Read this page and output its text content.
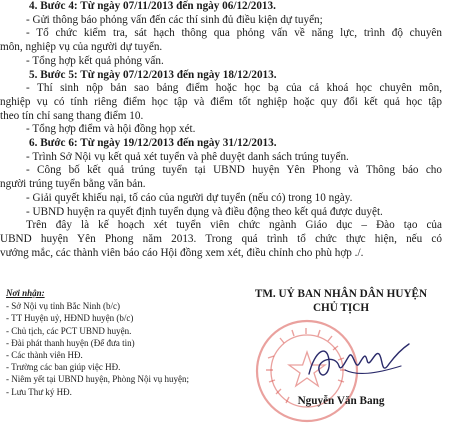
4. Bước 4: Từ ngày 07/11/2013 đến ngày 06/12/2013.
- Gửi thông báo phỏng vấn đến các thí sinh đủ điều kiện dự tuyển;
- Tổ chức kiểm tra, sát hạch thông qua phỏng vấn về năng lực, trình độ chuyên
môn, nghiệp vụ của người dự tuyển.
- Tổng hợp kết quả phỏng vấn.
5. Bước 5: Từ ngày 07/12/2013 đến ngày 18/12/2013.
- Thí sinh nộp bản sao bảng điểm hoặc học bạ của cả khoá học chuyên môn,
nghiệp vụ có tính riêng điểm học tập và điểm tốt nghiệp hoặc quy đổi kết quả học tập
theo tín chỉ sang thang điểm 10.
- Tổng hợp điểm và hội đồng họp xét.
6. Bước 6: Từ ngày 19/12/2013 đến ngày 31/12/2013.
- Trình Sở Nội vụ kết quả xét tuyển và phê duyệt danh sách trúng tuyển.
- Công bố kết quả trúng tuyển tại UBND huyện Yên Phong và Thông báo cho
người trúng tuyển bằng văn bản.
- Giải quyết khiếu nại, tố cáo của người dự tuyển (nếu có) trong 10 ngày.
- UBND huyện ra quyết định tuyển dụng và điều động theo kết quả được duyệt.
Trên đây là kế hoạch xét tuyển viên chức ngành Giáo dục – Đào tạo của
UBND huyện Yên Phong năm 2013. Trong quá trình tổ chức thực hiện, nếu có
vướng mắc, các thành viên báo cáo Hội đồng xem xét, điều chỉnh cho phù hợp ./.
Nơi nhận:
- Sở Nội vụ tỉnh Bắc Ninh (b/c)
- TT Huyện uỷ, HĐND huyện (b/c)
- Chủ tịch, các PCT UBND huyện.
- Đài phát thanh huyện (Để đưa tin)
- Các thành viên HĐ.
- Trường các ban giúp việc HĐ.
- Niêm yết tại UBND huyện, Phòng Nội vụ huyện;
- Lưu Thư ký HĐ.
TM. UỶ BAN NHÂN DÂN HUYỆN
CHỦ TỊCH
Nguyễn Văn Bang
